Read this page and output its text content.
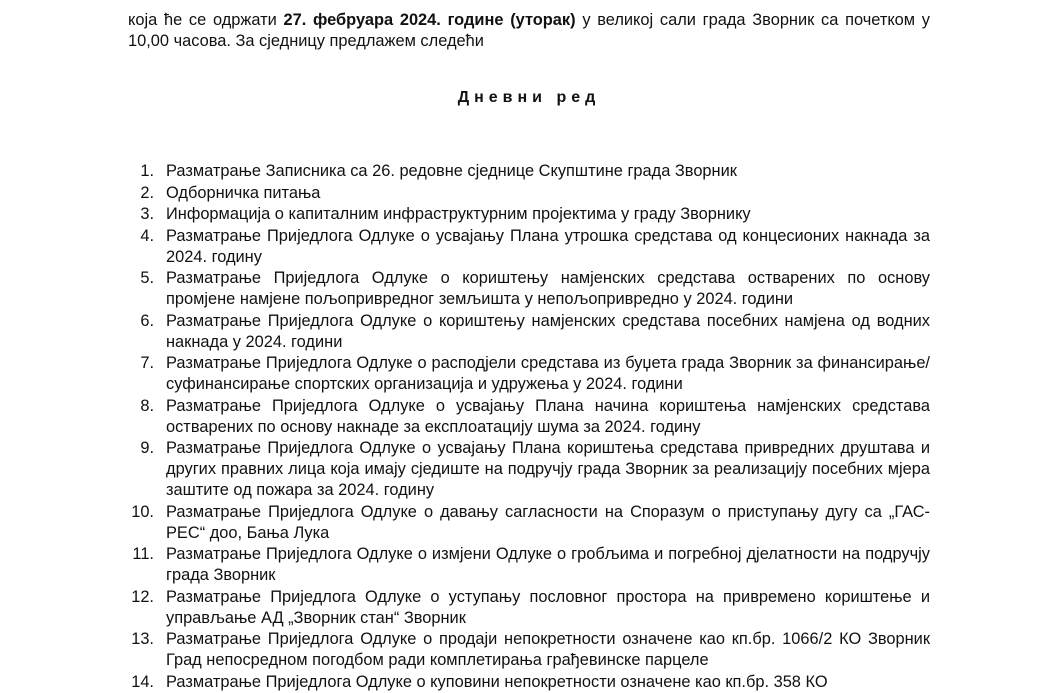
која ће се одржати 27. фебруара 2024. године (уторак) у великој сали града Зворник са почетком у 10,00 часова. За сједницу предлажем следећи

Дневни ред
1. Разматрање Записника са 26. редовне сједнице Скупштине града Зворник
2. Одборничка питања
3. Информација о капиталним инфраструктурним пројектима у граду Зворнику
4. Разматрање Приједлога Одлуке о усвајању Плана утрошка средстава од концесионих накнада за 2024. годину
5. Разматрање Приједлога Одлуке о кориштењу намјенских средстава остварених по основу промјене намјене пољопривредног земљишта у непољопривредно у 2024. години
6. Разматрање Приједлога Одлуке о кориштењу намјенских средстава посебних намјена од водних накнада у 2024. години
7. Разматрање Приједлога Одлуке о расподјели средстава из буџета града Зворник за финансирање/суфинансирање спортских организација и удружења у 2024. години
8. Разматрање Приједлога Одлуке о усвајању Плана начина кориштења намјенских средстава остварених по основу накнаде за експлоатацију шума за 2024. годину
9. Разматрање Приједлога Одлуке о усвајању Плана кориштења средстава привредних друштава и других правних лица која имају сједиште на подручју града Зворник за реализацију посебних мјера заштите од пожара за 2024. годину
10. Разматрање Приједлога Одлуке о давању сагласности на Споразум о приступању дугу са „ГАС-РЕС“ доо, Бања Лука
11. Разматрање Приједлога Одлуке о измјени Одлуке о гробљима и погребној дјелатности на подручју града Зворник
12. Разматрање Приједлога Одлуке о уступању пословног простора на привремено кориштење и управљање АД „Зворник стан“ Зворник
13. Разматрање Приједлога Одлуке о продаји непокретности означене као кп.бр. 1066/2 КО Зворник Град непосредном погодбом ради комплетирања грађевинске парцеле
14. Разматрање Приједлога Одлуке о куповини непокретности означене као кп.бр. 358 КО
